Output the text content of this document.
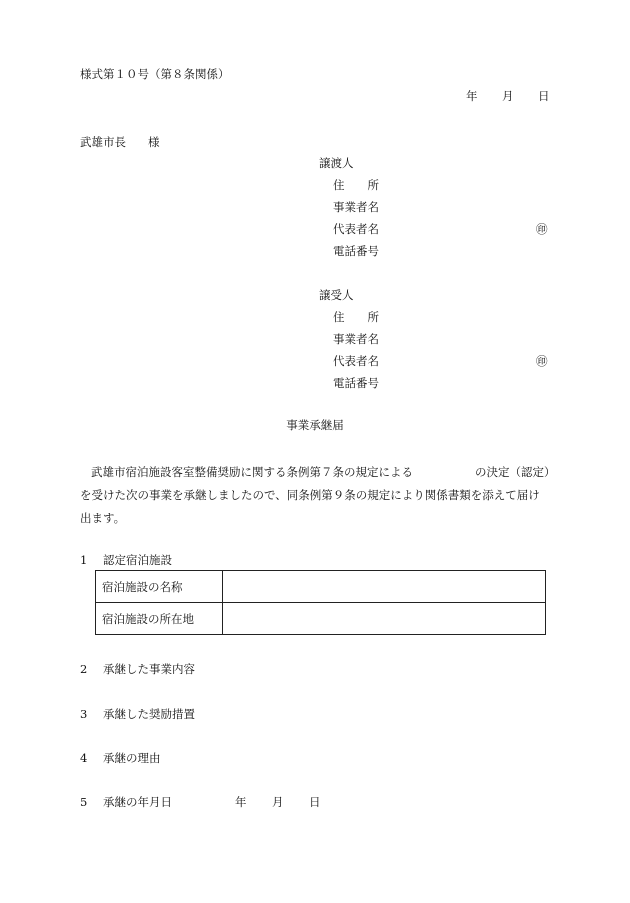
様式第１０号（第８条関係）
年 月 日
武雄市長 様
譲渡人
住　　所
事業者名
代表者名	㊞
電話番号
譲受人
住　　所
事業者名
代表者名	㊞
電話番号
事業承継届
武雄市宿泊施設客室整備奨励に関する条例第７条の規定による	の決定（認定）を受けた次の事業を承継しましたので、同条例第９条の規定により関係書類を添えて届け出ます。
1 認定宿泊施設
宿泊施設の名称	
宿泊施設の所在地	
2 承継した事業内容
3 承継した奨励措置
4 承継の理由
5 承継の年月日	年 月 日
